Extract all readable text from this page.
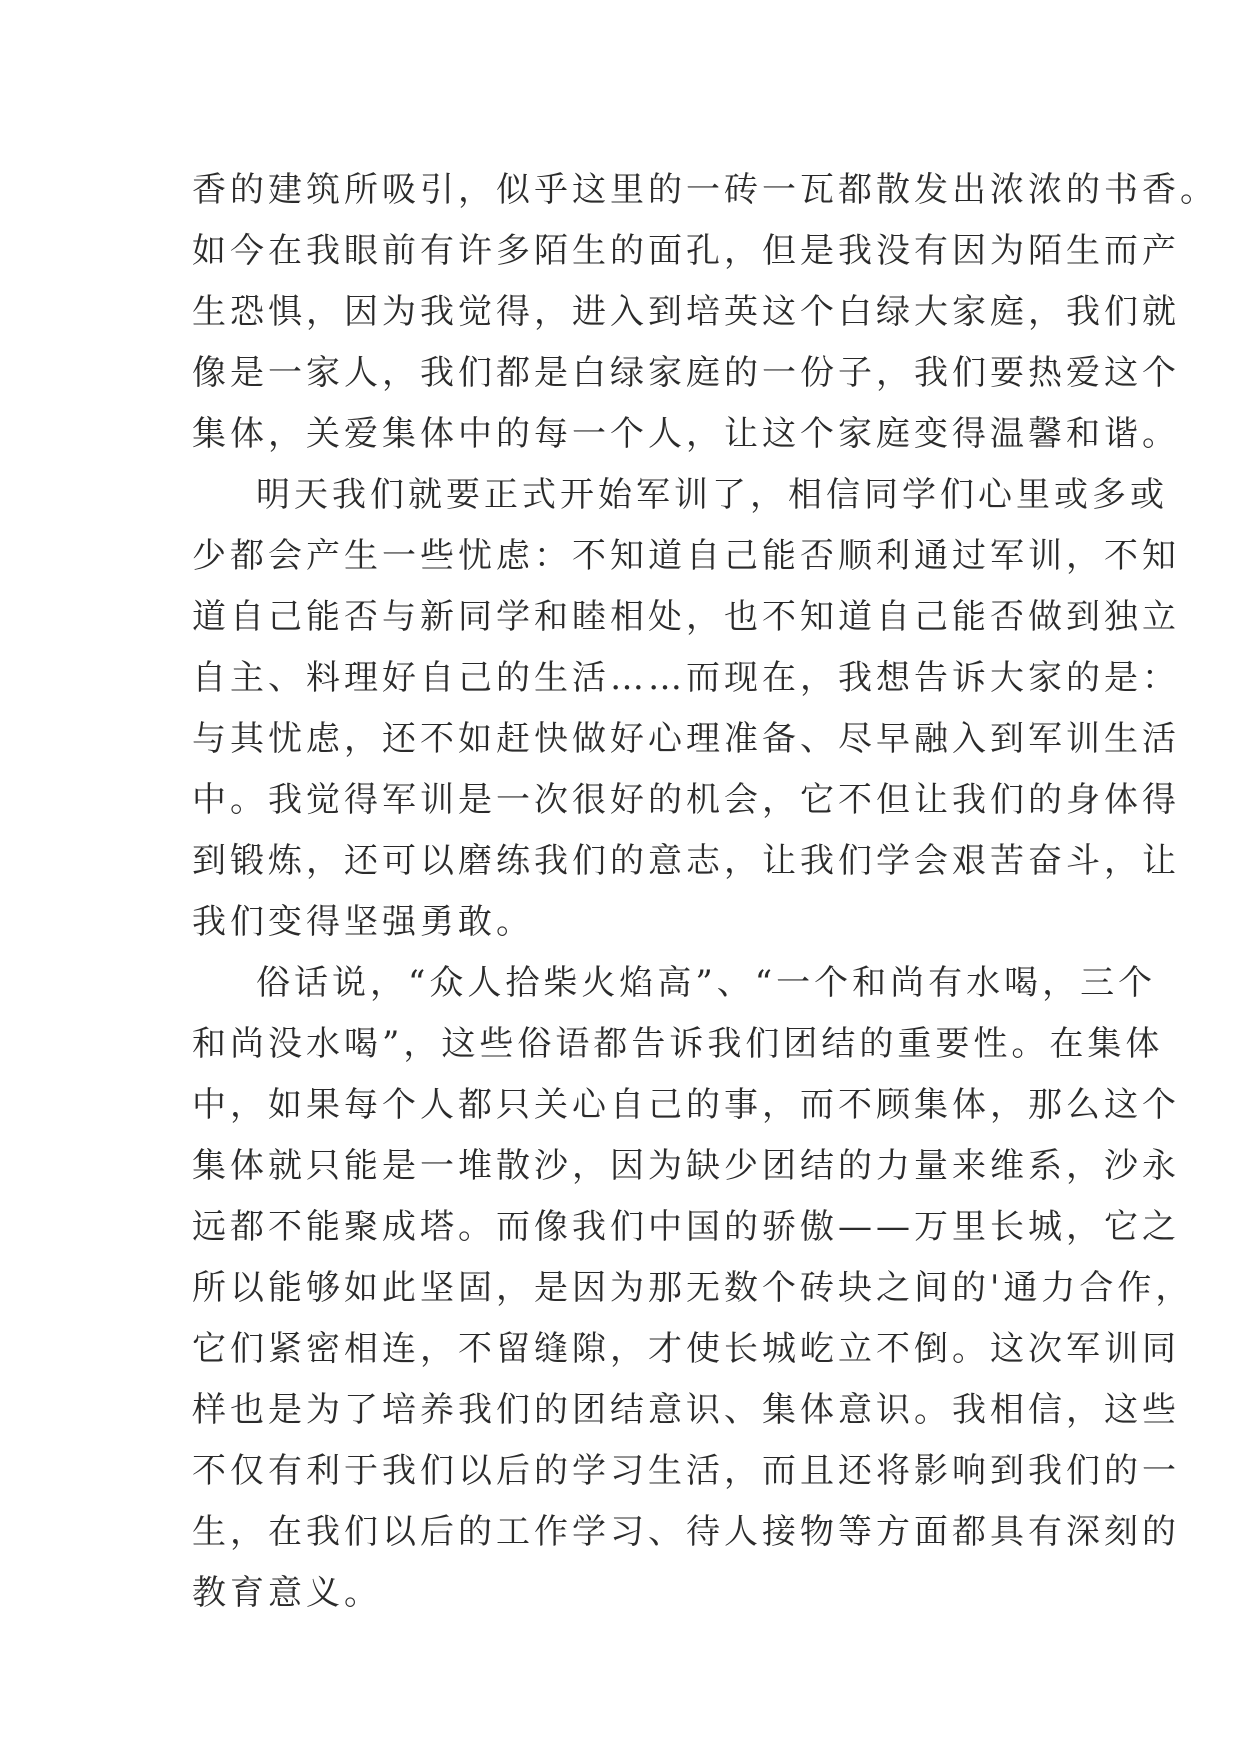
香的建筑所吸引，似乎这里的一砖一瓦都散发出浓浓的书香。

如今在我眼前有许多陌生的面孔，但是我没有因为陌生而产

生恐惧，因为我觉得，进入到培英这个白绿大家庭，我们就

像是一家人，我们都是白绿家庭的一份子，我们要热爱这个

集体，关爱集体中的每一个人，让这个家庭变得温馨和谐。

明天我们就要正式开始军训了，相信同学们心里或多或

少都会产生一些忧虑：不知道自己能否顺利通过军训，不知

道自己能否与新同学和睦相处，也不知道自己能否做到独立

自主、料理好自己的生活……而现在，我想告诉大家的是：

与其忧虑，还不如赶快做好心理准备、尽早融入到军训生活

中。我觉得军训是一次很好的机会，它不但让我们的身体得

到锻炼，还可以磨练我们的意志，让我们学会艰苦奋斗，让

我们变得坚强勇敢。

俗话说，“众人拾柴火焰高”、“一个和尚有水喝，三个

和尚没水喝”，这些俗语都告诉我们团结的重要性。在集体

中，如果每个人都只关心自己的事，而不顾集体，那么这个

集体就只能是一堆散沙，因为缺少团结的力量来维系，沙永

远都不能聚成塔。而像我们中国的骄傲——万里长城，它之

所以能够如此坚固，是因为那无数个砖块之间的'通力合作，

它们紧密相连，不留缝隙，才使长城屹立不倒。这次军训同

样也是为了培养我们的团结意识、集体意识。我相信，这些

不仅有利于我们以后的学习生活，而且还将影响到我们的一

生，在我们以后的工作学习、待人接物等方面都具有深刻的

教育意义。
